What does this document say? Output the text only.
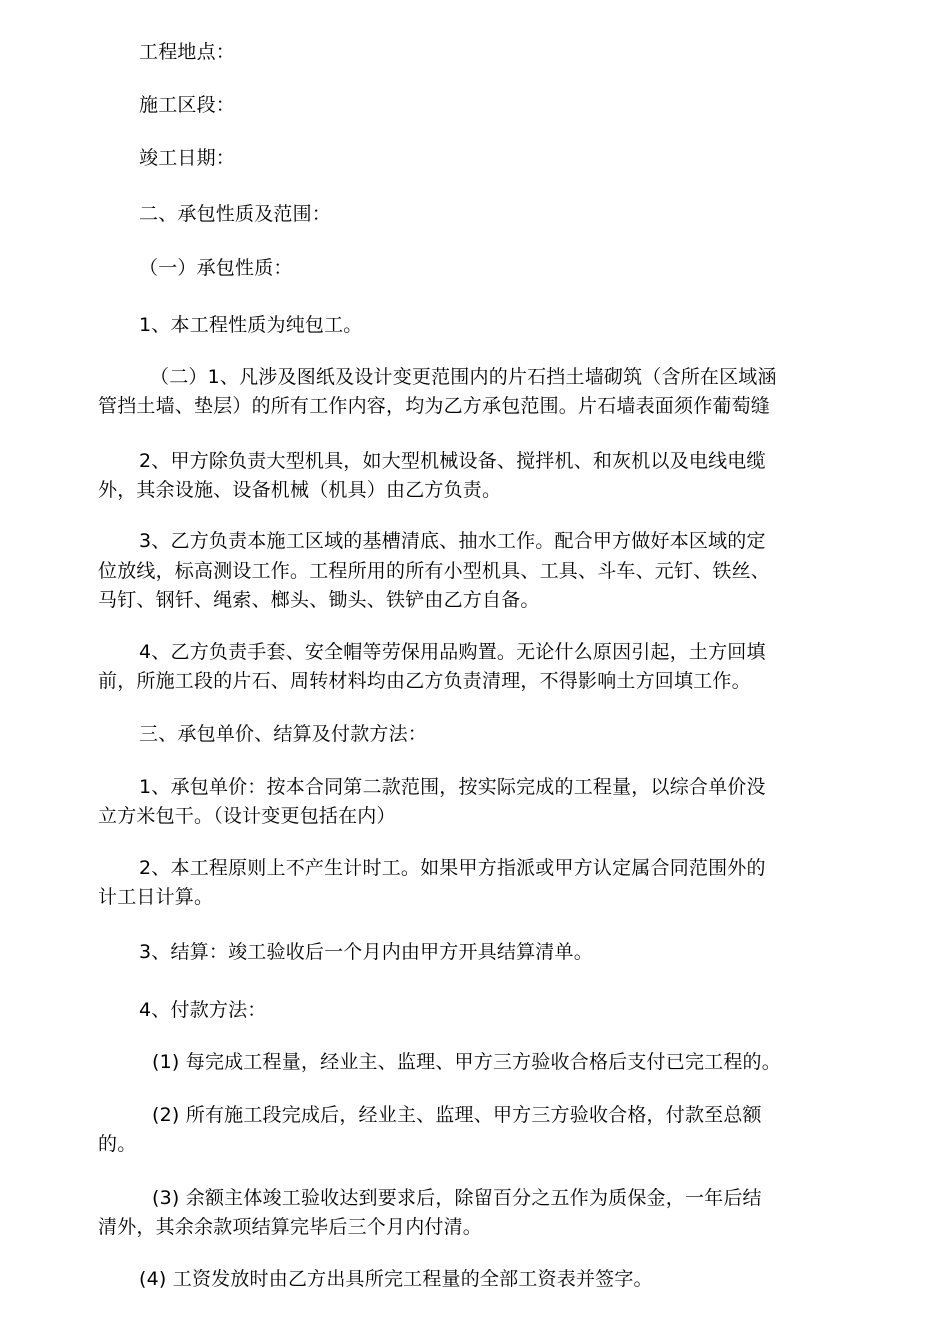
工程地点：
施工区段：
竣工日期：
二、承包性质及范围：
（一）承包性质：
1、本工程性质为纯包工。
（二）1、凡涉及图纸及设计变更范围内的片石挡土墙砌筑（含所在区域涵
管挡土墙、垫层）的所有工作内容，均为乙方承包范围。片石墙表面须作葡萄缝
2、甲方除负责大型机具，如大型机械设备、搅拌机、和灰机以及电线电缆
外，其余设施、设备机械（机具）由乙方负责。
3、乙方负责本施工区域的基槽清底、抽水工作。配合甲方做好本区域的定
位放线，标高测设工作。工程所用的所有小型机具、工具、斗车、元钉、铁丝、
马钉、钢钎、绳索、榔头、锄头、铁铲由乙方自备。
4、乙方负责手套、安全帽等劳保用品购置。无论什么原因引起，土方回填
前，所施工段的片石、周转材料均由乙方负责清理，不得影响土方回填工作。
三、承包单价、结算及付款方法：
1、承包单价：按本合同第二款范围，按实际完成的工程量，以综合单价没
立方米包干。（设计变更包括在内）
2、本工程原则上不产生计时工。如果甲方指派或甲方认定属合同范围外的
计工日计算。
3、结算：竣工验收后一个月内由甲方开具结算清单。
4、付款方法：
(1) 每完成工程量，经业主、监理、甲方三方验收合格后支付已完工程的。
(2) 所有施工段完成后，经业主、监理、甲方三方验收合格，付款至总额
的。
(3) 余额主体竣工验收达到要求后，除留百分之五作为质保金，一年后结
清外，其余余款项结算完毕后三个月内付清。
(4) 工资发放时由乙方出具所完工程量的全部工资表并签字。
